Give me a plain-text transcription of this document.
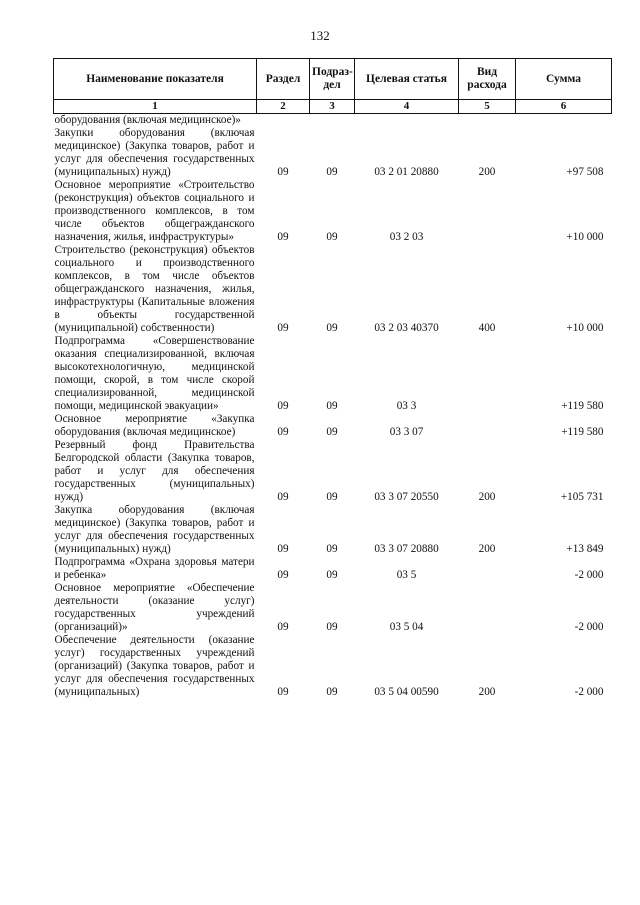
132
Наименование показателя	Раздел	Подраз-дел	Целевая статья	Вид расхода	Сумма
1	2	3	4	5	6
оборудования (включая медицинское)»					
Закупки оборудования (включая медицинское) (Закупка товаров, работ и услуг для обеспечения государственных (муниципальных) нужд)	09	09	03 2 01 20880	200	+97 508
Основное мероприятие «Строительство (реконструкция) объектов социального и производственного комплексов, в том числе объектов общегражданского назначения, жилья, инфраструктуры»	09	09	03 2 03		+10 000
Строительство (реконструкция) объектов социального и производственного комплексов, в том числе объектов общегражданского назначения, жилья, инфраструктуры (Капитальные вложения в объекты государственной (муниципальной) собственности)	09	09	03 2 03 40370	400	+10 000
Подпрограмма «Совершенствование оказания специализированной, включая высокотехнологичную, медицинской помощи, скорой, в том числе скорой специализированной, медицинской помощи, медицинской эвакуации»	09	09	03 3		+119 580
Основное мероприятие «Закупка оборудования (включая медицинское)	09	09	03 3 07		+119 580
Резервный фонд Правительства Белгородской области (Закупка товаров, работ и услуг для обеспечения государственных (муниципальных) нужд)	09	09	03 3 07 20550	200	+105 731
Закупка оборудования (включая медицинское) (Закупка товаров, работ и услуг для обеспечения государственных (муниципальных) нужд)	09	09	03 3 07 20880	200	+13 849
Подпрограмма «Охрана здоровья матери и ребенка»	09	09	03 5		-2 000
Основное мероприятие «Обеспечение деятельности (оказание услуг) государственных учреждений (организаций)»	09	09	03 5 04		-2 000
Обеспечение деятельности (оказание услуг) государственных учреждений (организаций) (Закупка товаров, работ и услуг для обеспечения государственных (муниципальных)	09	09	03 5 04 00590	200	-2 000
